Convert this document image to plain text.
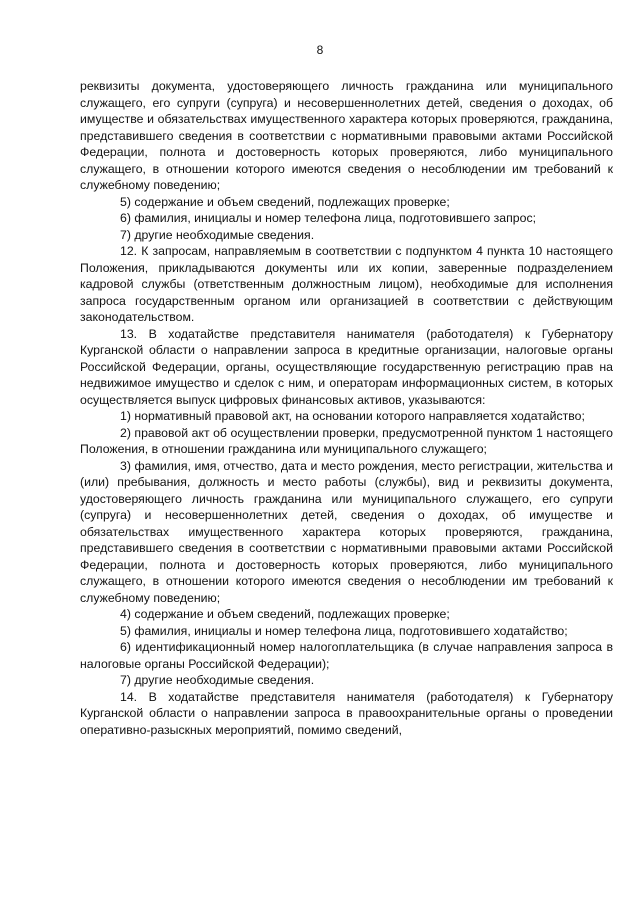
8

реквизиты документа, удостоверяющего личность гражданина или муниципального служащего, его супруги (супруга) и несовершеннолетних детей, сведения о доходах, об имуществе и обязательствах имущественного характера которых проверяются, гражданина, представившего сведения в соответствии с нормативными правовыми актами Российской Федерации, полнота и достоверность которых проверяются, либо муниципального служащего, в отношении которого имеются сведения о несоблюдении им требований к служебному поведению;

5) содержание и объем сведений, подлежащих проверке;

6) фамилия, инициалы и номер телефона лица, подготовившего запрос;

7) другие необходимые сведения.

12. К запросам, направляемым в соответствии с подпунктом 4 пункта 10 настоящего Положения, прикладываются документы или их копии, заверенные подразделением кадровой службы (ответственным должностным лицом), необходимые для исполнения запроса государственным органом или организацией в соответствии с действующим законодательством.

13. В ходатайстве представителя нанимателя (работодателя) к Губернатору Курганской области о направлении запроса в кредитные организации, налоговые органы Российской Федерации, органы, осуществляющие государственную регистрацию прав на недвижимое имущество и сделок с ним, и операторам информационных систем, в которых осуществляется выпуск цифровых финансовых активов, указываются:

1) нормативный правовой акт, на основании которого направляется ходатайство;

2) правовой акт об осуществлении проверки, предусмотренной пунктом 1 настоящего Положения, в отношении гражданина или муниципального служащего;

3) фамилия, имя, отчество, дата и место рождения, место регистрации, жительства и (или) пребывания, должность и место работы (службы), вид и реквизиты документа, удостоверяющего личность гражданина или муниципального служащего, его супруги (супруга) и несовершеннолетних детей, сведения о доходах, об имуществе и обязательствах имущественного характера которых проверяются, гражданина, представившего сведения в соответствии с нормативными правовыми актами Российской Федерации, полнота и достоверность которых проверяются, либо муниципального служащего, в отношении которого имеются сведения о несоблюдении им требований к служебному поведению;

4) содержание и объем сведений, подлежащих проверке;

5) фамилия, инициалы и номер телефона лица, подготовившего ходатайство;

6) идентификационный номер налогоплательщика (в случае направления запроса в налоговые органы Российской Федерации);

7) другие необходимые сведения.

14. В ходатайстве представителя нанимателя (работодателя) к Губернатору Курганской области о направлении запроса в правоохранительные органы о проведении оперативно-разыскных мероприятий, помимо сведений,
